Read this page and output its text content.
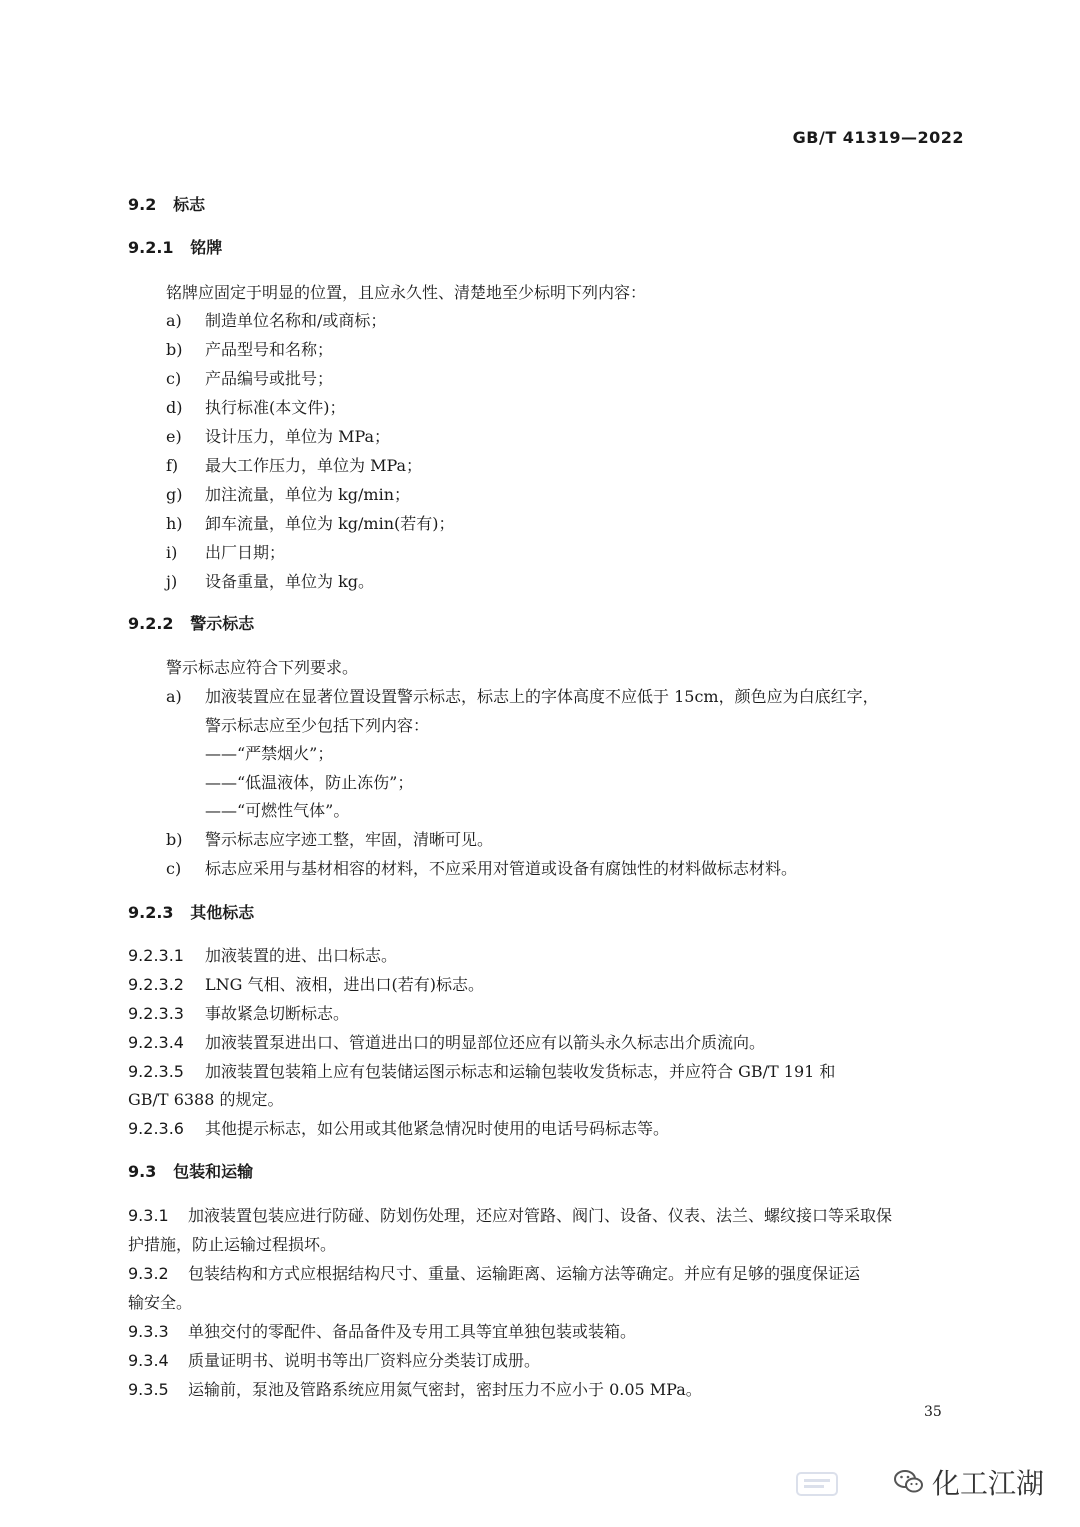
GB/T 41319—2022
9.2 标志
9.2.1 铭牌
铭牌应固定于明显的位置，且应永久性、清楚地至少标明下列内容：
a) 制造单位名称和/或商标；
b) 产品型号和名称；
c) 产品编号或批号；
d) 执行标准(本文件)；
e) 设计压力，单位为 MPa；
f) 最大工作压力，单位为 MPa；
g) 加注流量，单位为 kg/min；
h) 卸车流量，单位为 kg/min(若有)；
i) 出厂日期；
j) 设备重量，单位为 kg。
9.2.2 警示标志
警示标志应符合下列要求。
a) 加液装置应在显著位置设置警示标志，标志上的字体高度不应低于 15cm，颜色应为白底红字，
警示标志应至少包括下列内容：
——“严禁烟火”；
——“低温液体，防止冻伤”；
——“可燃性气体”。
b) 警示标志应字迹工整，牢固，清晰可见。
c) 标志应采用与基材相容的材料，不应采用对管道或设备有腐蚀性的材料做标志材料。
9.2.3 其他标志
9.2.3.1 加液装置的进、出口标志。
9.2.3.2 LNG 气相、液相，进出口(若有)标志。
9.2.3.3 事故紧急切断标志。
9.2.3.4 加液装置泵进出口、管道进出口的明显部位还应有以箭头永久标志出介质流向。
9.2.3.5 加液装置包装箱上应有包装储运图示标志和运输包装收发货标志，并应符合 GB/T 191 和
GB/T 6388 的规定。
9.2.3.6 其他提示标志，如公用或其他紧急情况时使用的电话号码标志等。
9.3 包装和运输
9.3.1 加液装置包装应进行防碰、防划伤处理，还应对管路、阀门、设备、仪表、法兰、螺纹接口等采取保
护措施，防止运输过程损坏。
9.3.2 包装结构和方式应根据结构尺寸、重量、运输距离、运输方法等确定。并应有足够的强度保证运
输安全。
9.3.3 单独交付的零配件、备品备件及专用工具等宜单独包装或装箱。
9.3.4 质量证明书、说明书等出厂资料应分类装订成册。
9.3.5 运输前，泵池及管路系统应用氮气密封，密封压力不应小于 0.05 MPa。
35
化工江湖
